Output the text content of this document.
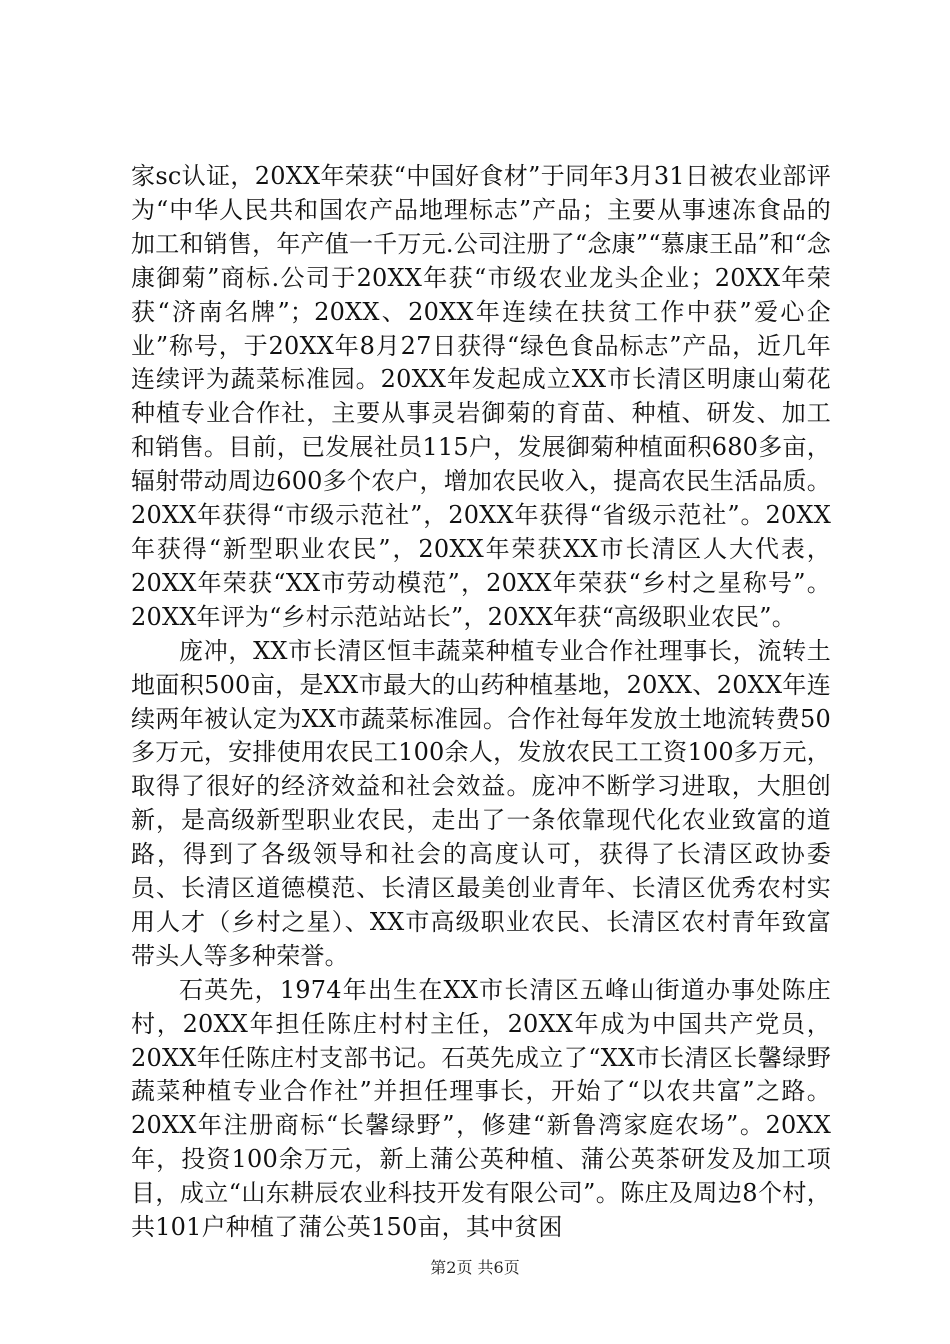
家sc认证，20XX年荣获“中国好食材”于同年3月31日被农业部评为“中华人民共和国农产品地理标志”产品；主要从事速冻食品的加工和销售，年产值一千万元.公司注册了“念康”“慕康王品”和“念康御菊”商标.公司于20XX年获“市级农业龙头企业；20XX年荣获“济南名牌”；20XX、20XX年连续在扶贫工作中获”爱心企业”称号，于20XX年8月27日获得“绿色食品标志”产品，近几年连续评为蔬菜标准园。20XX年发起成立XX市长清区明康山菊花种植专业合作社，主要从事灵岩御菊的育苗、种植、研发、加工和销售。目前，已发展社员115户，发展御菊种植面积680多亩，辐射带动周边600多个农户，增加农民收入，提高农民生活品质。20XX年获得“市级示范社”，20XX年获得“省级示范社”。20XX年获得“新型职业农民”，20XX年荣获XX市长清区人大代表，20XX年荣获“XX市劳动模范”，20XX年荣获“乡村之星称号”。20XX年评为“乡村示范站站长”，20XX年获“高级职业农民”。

庞冲，XX市长清区恒丰蔬菜种植专业合作社理事长，流转土地面积500亩，是XX市最大的山药种植基地，20XX、20XX年连续两年被认定为XX市蔬菜标准园。合作社每年发放土地流转费50多万元，安排使用农民工100余人，发放农民工工资100多万元，取得了很好的经济效益和社会效益。庞冲不断学习进取，大胆创新，是高级新型职业农民，走出了一条依靠现代化农业致富的道路，得到了各级领导和社会的高度认可，获得了长清区政协委员、长清区道德模范、长清区最美创业青年、长清区优秀农村实用人才（乡村之星）、XX市高级职业农民、长清区农村青年致富带头人等多种荣誉。

石英先，1974年出生在XX市长清区五峰山街道办事处陈庄村，20XX年担任陈庄村村主任，20XX年成为中国共产党员，20XX年任陈庄村支部书记。石英先成立了“XX市长清区长馨绿野蔬菜种植专业合作社”并担任理事长，开始了“以农共富”之路。20XX年注册商标“长馨绿野”，修建“新鲁湾家庭农场”。20XX年，投资100余万元，新上蒲公英种植、蒲公英茶研发及加工项目，成立“山东耕辰农业科技开发有限公司”。陈庄及周边8个村，共101户种植了蒲公英150亩，其中贫困

第2页 共6页
